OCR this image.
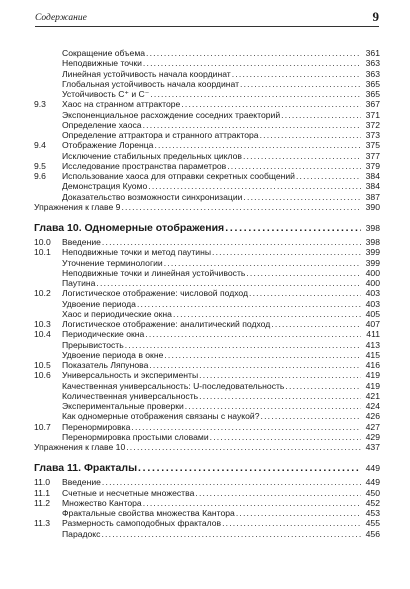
Содержание	9
Сокращение объема . . .	361
Неподвижные точки . . .	363
Линейная устойчивость начала координат . . .	363
Глобальная устойчивость начала координат . . .	365
Устойчивость C⁺ и C⁻ . . .	365
9.3	Хаос на странном аттракторе . . .	367
Экспоненциальное расхождение соседних траекторий . . .	371
Определение хаоса . . .	372
Определение аттрактора и странного аттрактора . . .	373
9.4	Отображение Лоренца . . .	375
Исключение стабильных предельных циклов . . .	377
9.5	Исследование пространства параметров . . .	379
9.6	Использование хаоса для отправки секретных сообщений . . .	384
Демонстрация Куомо . . .	384
Доказательство возможности синхронизации . . .	387
Упражнения к главе 9 . . .	390
Глава 10. Одномерные отображения . . .	398
10.0	Введение . . .	398
10.1	Неподвижные точки и метод паутины . . .	399
Уточнение терминологии . . .	399
Неподвижные точки и линейная устойчивость . . .	400
Паутина . . .	400
10.2	Логистическое отображение: числовой подход . . .	403
Удвоение периода . . .	403
Хаос и периодические окна . . .	405
10.3	Логистическое отображение: аналитический подход . . .	407
10.4	Периодические окна . . .	411
Прерывистость . . .	413
Удвоение периода в окне . . .	415
10.5	Показатель Ляпунова . . .	416
10.6	Универсальность и эксперименты . . .	419
Качественная универсальность: U-последовательность . . .	419
Количественная универсальность . . .	421
Экспериментальные проверки . . .	424
Как одномерные отображения связаны с наукой? . . .	426
10.7	Перенормировка . . .	427
Перенормировка простыми словами . . .	429
Упражнения к главе 10 . . .	437
Глава 11. Фракталы . . .	449
11.0	Введение . . .	449
11.1	Счетные и несчетные множества . . .	450
11.2	Множество Кантора . . .	452
Фрактальные свойства множества Кантора . . .	453
11.3	Размерность самоподобных фракталов . . .	455
Парадокс . . .	456
